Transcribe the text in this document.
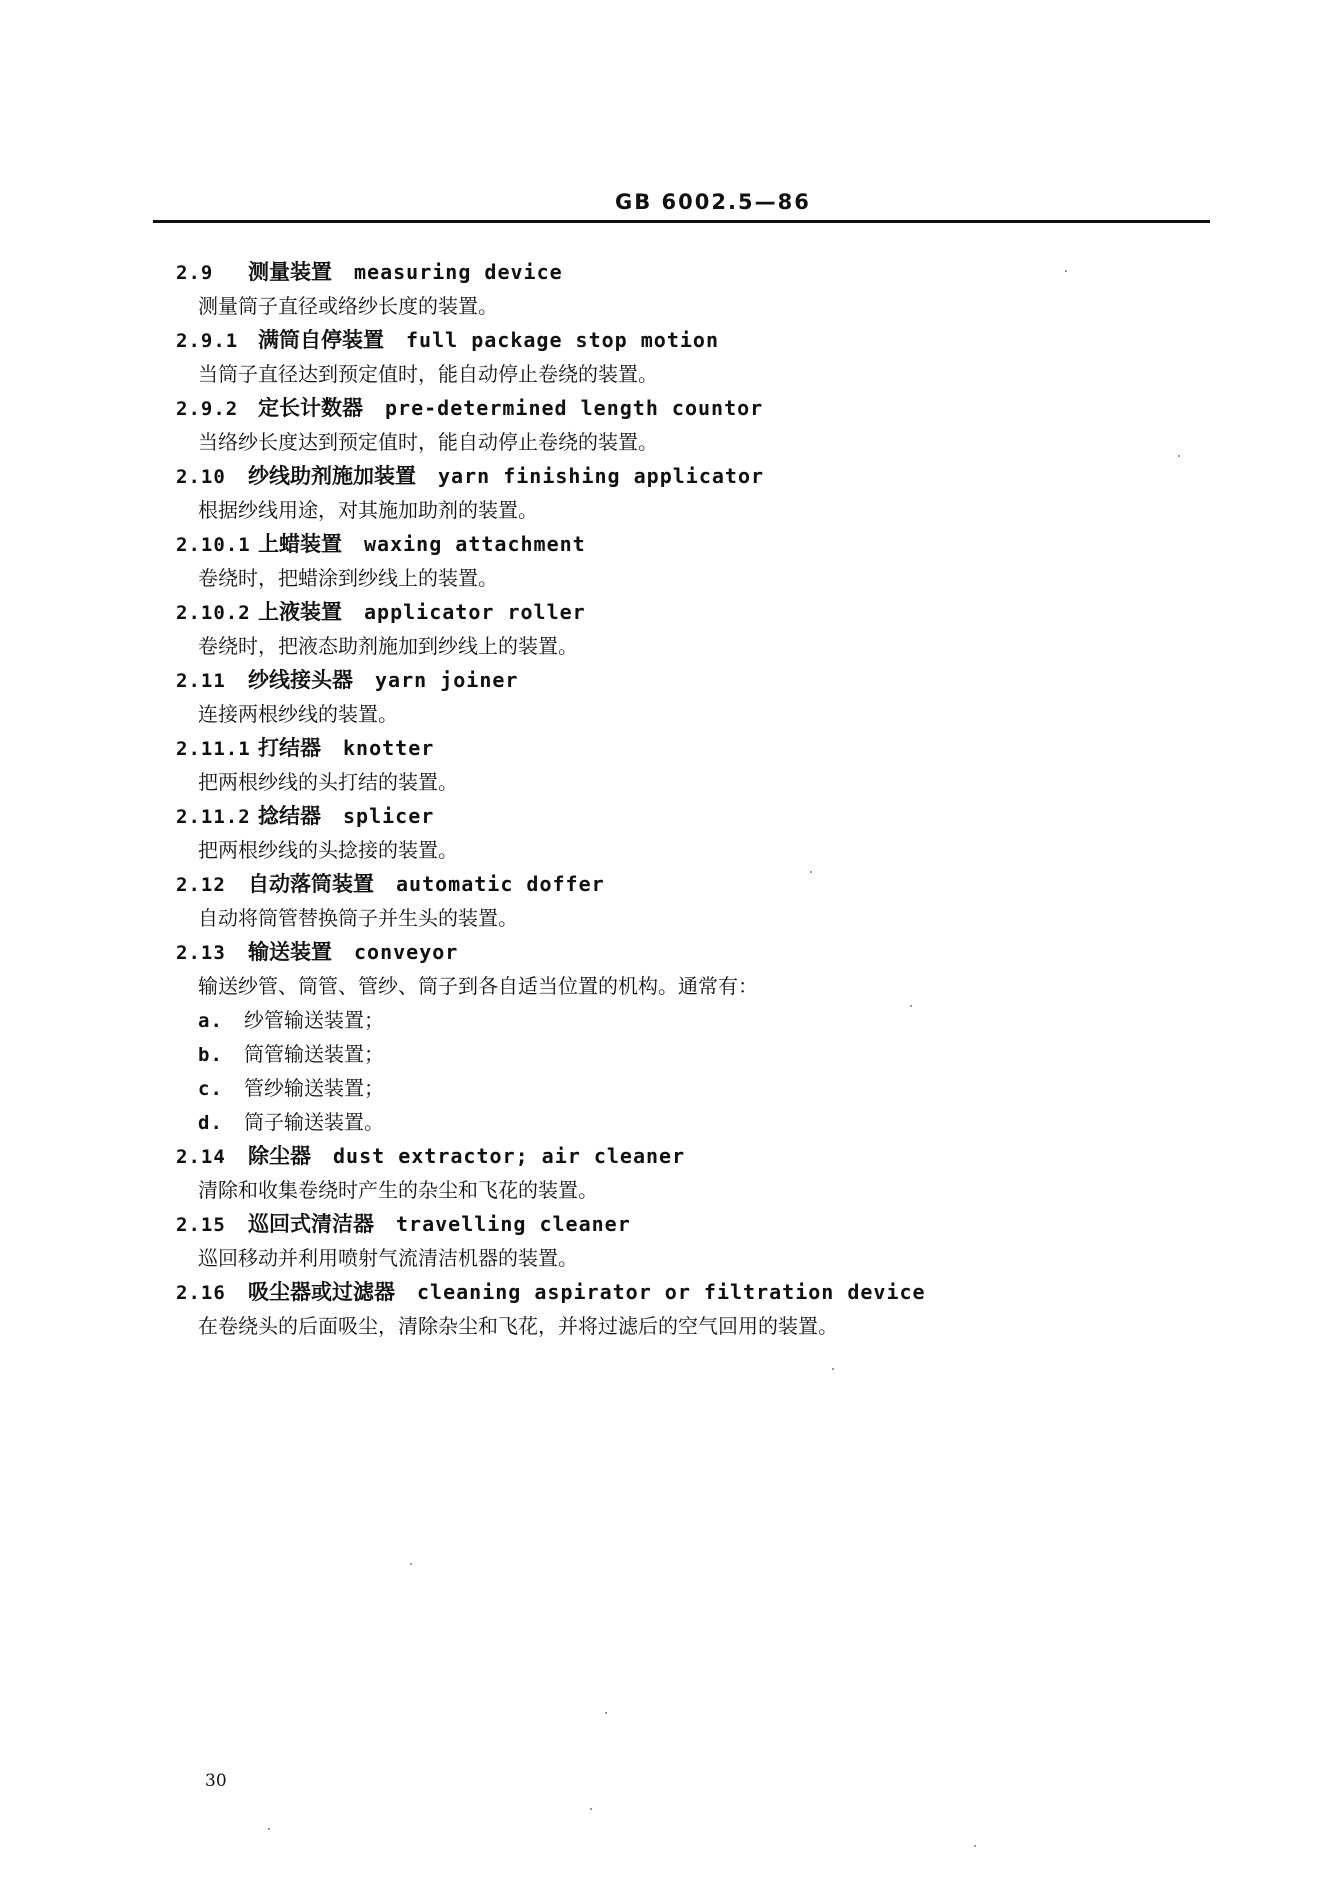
GB 6002.5—86
2.9 测量装置 measuring device
测量筒子直径或络纱长度的装置。
2.9.1 满筒自停装置 full package stop motion
当筒子直径达到预定值时，能自动停止卷绕的装置。
2.9.2 定长计数器 pre-determined length countor
当络纱长度达到预定值时，能自动停止卷绕的装置。
2.10 纱线助剂施加装置 yarn finishing applicator
根据纱线用途，对其施加助剂的装置。
2.10.1 上蜡装置 waxing attachment
卷绕时，把蜡涂到纱线上的装置。
2.10.2 上液装置 applicator roller
卷绕时，把液态助剂施加到纱线上的装置。
2.11 纱线接头器 yarn joiner
连接两根纱线的装置。
2.11.1 打结器 knotter
把两根纱线的头打结的装置。
2.11.2 捻结器 splicer
把两根纱线的头捻接的装置。
2.12 自动落筒装置 automatic doffer
自动将筒管替换筒子并生头的装置。
2.13 输送装置 conveyor
输送纱管、筒管、管纱、筒子到各自适当位置的机构。通常有：
a. 纱管输送装置；
b. 筒管输送装置；
c. 管纱输送装置；
d. 筒子输送装置。
2.14 除尘器 dust extractor; air cleaner
清除和收集卷绕时产生的杂尘和飞花的装置。
2.15 巡回式清洁器 travelling cleaner
巡回移动并利用喷射气流清洁机器的装置。
2.16 吸尘器或过滤器 cleaning aspirator or filtration device
在卷绕头的后面吸尘，清除杂尘和飞花，并将过滤后的空气回用的装置。
30
